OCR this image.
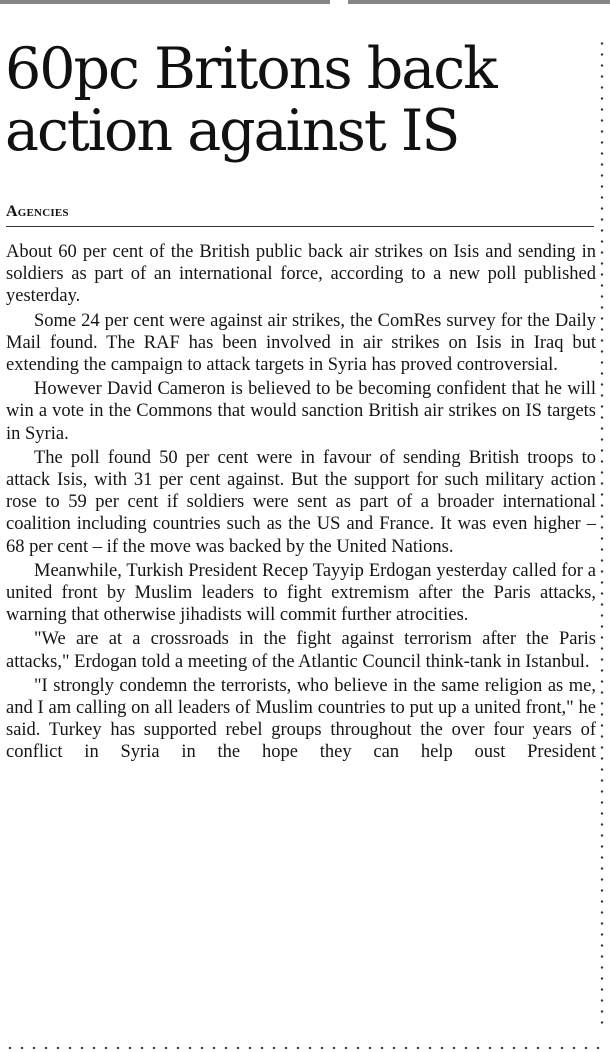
60pc Britons back action against IS
Agencies

About 60 per cent of the British public back air strikes on Isis and sending in soldiers as part of an international force, according to a new poll published yesterday.

Some 24 per cent were against air strikes, the ComRes survey for the Daily Mail found. The RAF has been involved in air strikes on Isis in Iraq but extending the campaign to attack targets in Syria has proved controversial.

However David Cameron is believed to be becoming confident that he will win a vote in the Commons that would sanction British air strikes on IS targets in Syria.

The poll found 50 per cent were in favour of sending British troops to attack Isis, with 31 per cent against. But the support for such military action rose to 59 per cent if soldiers were sent as part of a broader international coalition including countries such as the US and France. It was even higher – 68 per cent – if the move was backed by the United Nations.

Meanwhile, Turkish President Recep Tayyip Erdogan yesterday called for a united front by Muslim leaders to fight extremism after the Paris attacks, warning that otherwise jihadists will commit further atrocities.

"We are at a crossroads in the fight against terrorism after the Paris attacks," Erdogan told a meeting of the Atlantic Council think-tank in Istanbul.

"I strongly condemn the terrorists, who believe in the same religion as me, and I am calling on all leaders of Muslim countries to put up a united front," he said. Turkey has supported rebel groups throughout the over four years of conflict in Syria in the hope they can help oust President
